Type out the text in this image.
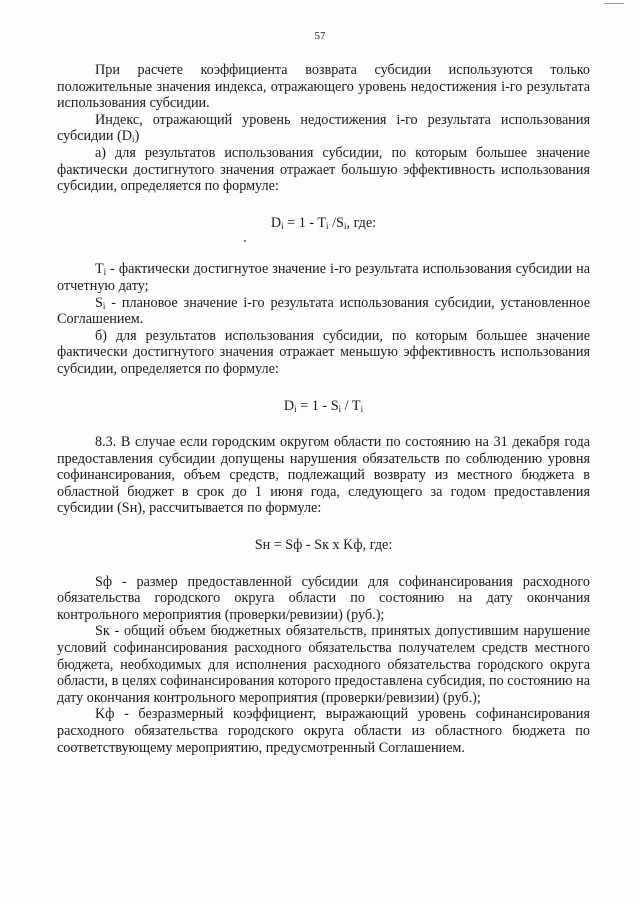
57

При расчете коэффициента возврата субсидии используются только положительные значения индекса, отражающего уровень недостижения i-го результата использования субсидии.

Индекс, отражающий уровень недостижения i-го результата использования субсидии $(D_i)$

а) для результатов использования субсидии, по которым большее значение фактически достигнутого значения отражает большую эффективность использования субсидии, определяется по формуле:

$D_i = 1 - T_i$ $/S_i$, где:

$T_i$ - фактически достигнутое значение i-го результата использования субсидии на отчетную дату;

$S_i$ - плановое значение i-го результата использования субсидии, установленное Соглашением.

б) для результатов использования субсидии, по которым большее значение фактически достигнутого значения отражает меньшую эффективность использования субсидии, определяется по формуле:

$D_i = 1 - S_i / T_i$

8.3. В случае если городским округом области по состоянию на 31 декабря года предоставления субсидии допущены нарушения обязательств по соблюдению уровня софинансирования, объем средств, подлежащий возврату из местного бюджета в областной бюджет в срок до 1 июня года, следующего за годом предоставления субсидии (Sн), рассчитывается по формуле:

Sн = Sф - Sк x Kф, где:

Sф - размер предоставленной субсидии для софинансирования расходного обязательства городского округа области по состоянию на дату окончания контрольного мероприятия (проверки/ревизии) (руб.);

Sк - общий объем бюджетных обязательств, принятых допустившим нарушение условий софинансирования расходного обязательства получателем средств местного бюджета, необходимых для исполнения расходного обязательства городского округа области, в целях софинансирования которого предоставлена субсидия, по состоянию на дату окончания контрольного мероприятия (проверки/ревизии) (руб.);

Kф - безразмерный коэффициент, выражающий уровень софинансирования расходного обязательства городского округа области из областного бюджета по соответствующему мероприятию, предусмотренный Соглашением.
